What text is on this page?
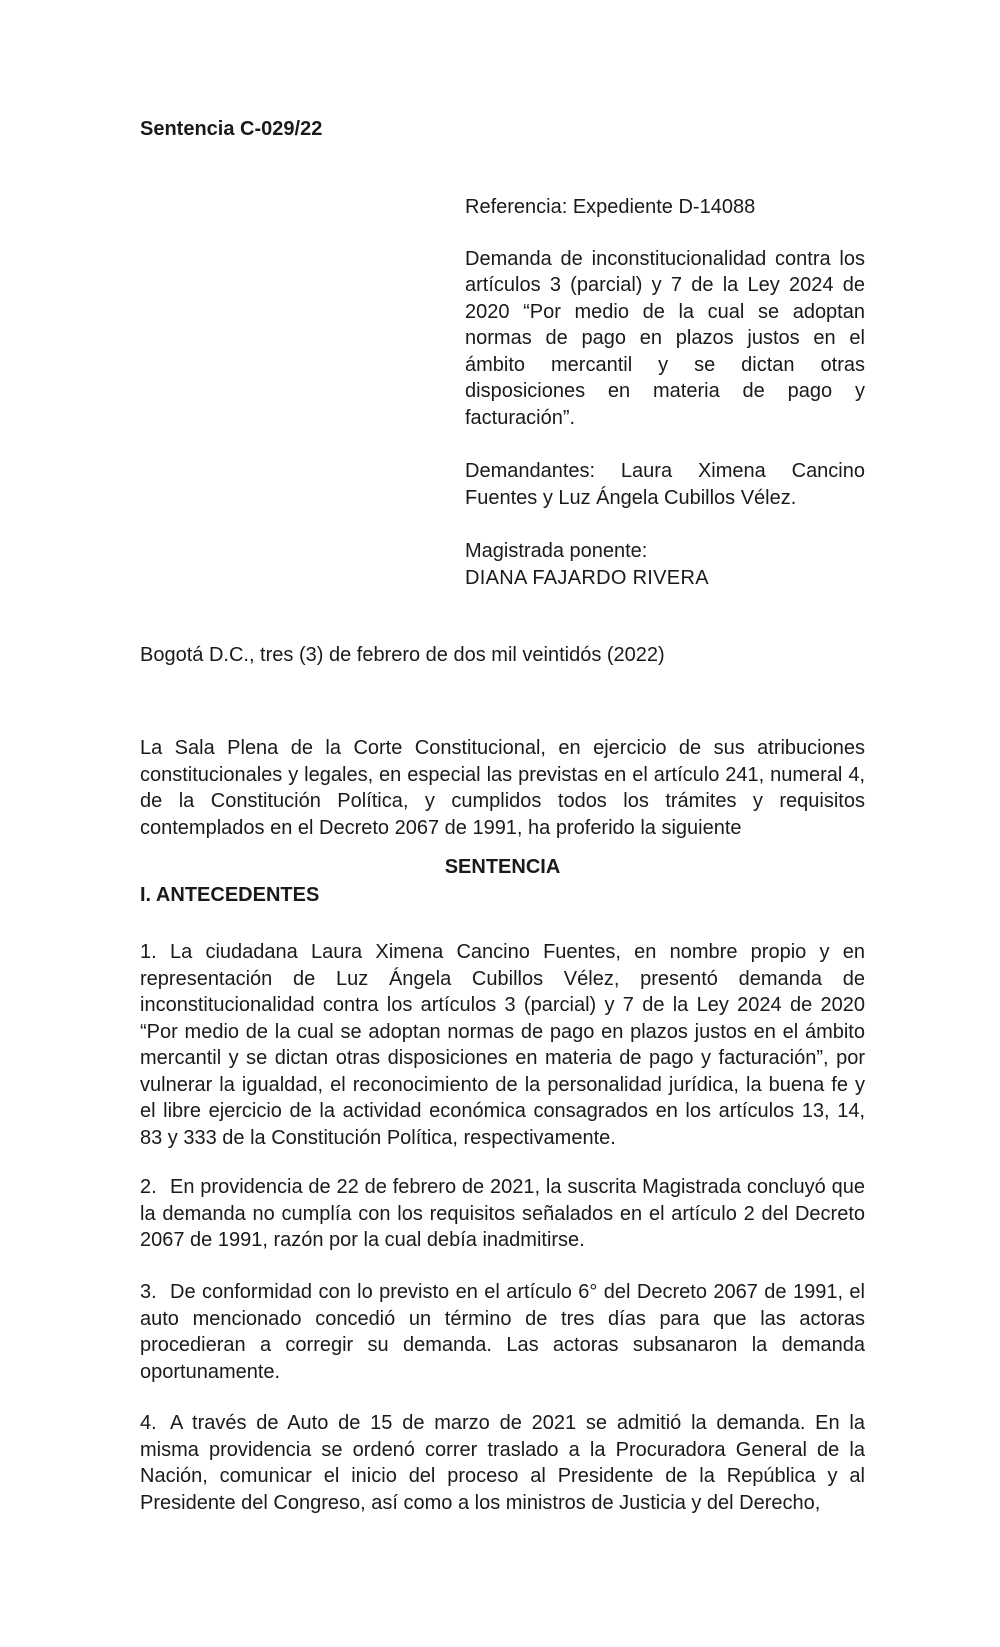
Sentencia C-029/22

Referencia: Expediente D-14088

Demanda de inconstitucionalidad contra los artículos 3 (parcial) y 7 de la Ley 2024 de 2020 “Por medio de la cual se adoptan normas de pago en plazos justos en el ámbito mercantil y se dictan otras disposiciones en materia de pago y facturación”.

Demandantes: Laura Ximena Cancino Fuentes y Luz Ángela Cubillos Vélez.

Magistrada ponente:

DIANA FAJARDO RIVERA

Bogotá D.C., tres (3) de febrero de dos mil veintidós (2022)

La Sala Plena de la Corte Constitucional, en ejercicio de sus atribuciones constitucionales y legales, en especial las previstas en el artículo 241, numeral 4, de la Constitución Política, y cumplidos todos los trámites y requisitos contemplados en el Decreto 2067 de 1991, ha proferido la siguiente

SENTENCIA
I. ANTECEDENTES

1. La ciudadana Laura Ximena Cancino Fuentes, en nombre propio y en representación de Luz Ángela Cubillos Vélez, presentó demanda de inconstitucionalidad contra los artículos 3 (parcial) y 7 de la Ley 2024 de 2020 “Por medio de la cual se adoptan normas de pago en plazos justos en el ámbito mercantil y se dictan otras disposiciones en materia de pago y facturación”, por vulnerar la igualdad, el reconocimiento de la personalidad jurídica, la buena fe y el libre ejercicio de la actividad económica consagrados en los artículos 13, 14, 83 y 333 de la Constitución Política, respectivamente.

2. En providencia de 22 de febrero de 2021, la suscrita Magistrada concluyó que la demanda no cumplía con los requisitos señalados en el artículo 2 del Decreto 2067 de 1991, razón por la cual debía inadmitirse.

3. De conformidad con lo previsto en el artículo 6° del Decreto 2067 de 1991, el auto mencionado concedió un término de tres días para que las actoras procedieran a corregir su demanda. Las actoras subsanaron la demanda oportunamente.

4. A través de Auto de 15 de marzo de 2021 se admitió la demanda. En la misma providencia se ordenó correr traslado a la Procuradora General de la Nación, comunicar el inicio del proceso al Presidente de la República y al Presidente del Congreso, así como a los ministros de Justicia y del Derecho,
